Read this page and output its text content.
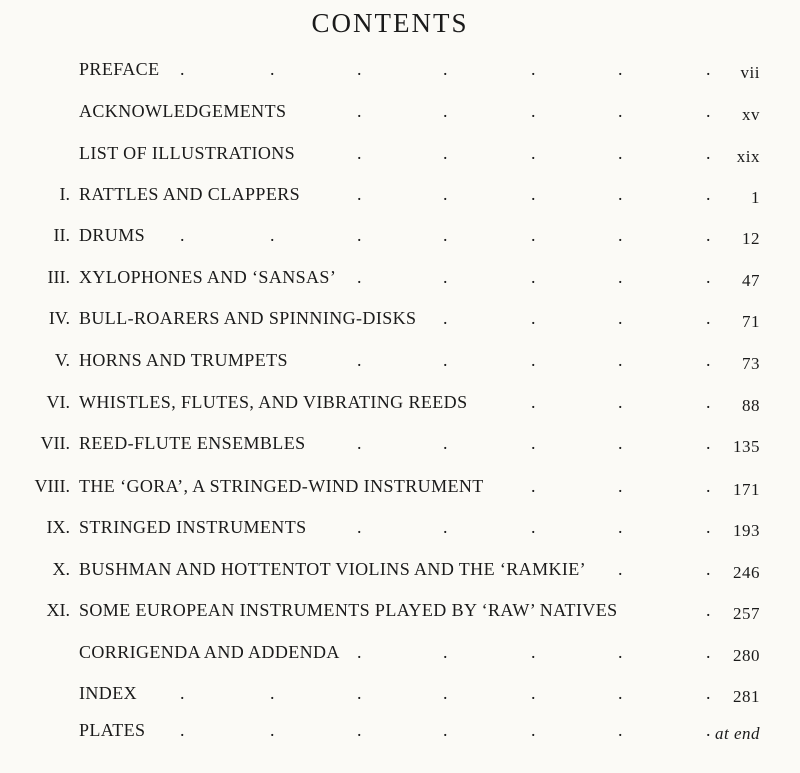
CONTENTS
PREFACE .	.	.	.	.	.	. vii
ACKNOWLEDGEMENTS	.	.	.	.	. xv
LIST OF ILLUSTRATIONS	.	.	.	.	. xix
I. RATTLES AND CLAPPERS	.	.	.	.	. 1
II. DRUMS .	.	.	.	.	.	. 12
III. XYLOPHONES AND ‘SANSAS’ .	.	.	.	. 47
IV. BULL-ROARERS AND SPINNING-DISKS .	.	.	. 71
V. HORNS AND TRUMPETS	.	.	.	.	. 73
VI. WHISTLES, FLUTES, AND VIBRATING REEDS	.	.	. 88
VII. REED-FLUTE ENSEMBLES	.	.	.	.	. 135
VIII. THE ‘GORA’, A STRINGED-WIND INSTRUMENT	.	.	. 171
IX. STRINGED INSTRUMENTS	.	.	.	.	. 193
X. BUSHMAN AND HOTTENTOT VIOLINS AND THE ‘RAMKIE’ .	. 246
XI. SOME EUROPEAN INSTRUMENTS PLAYED BY ‘RAW’ NATIVES	. 257
CORRIGENDA AND ADDENDA .	.	.	.	. 280
INDEX .	.	.	.	.	.	. 281
PLATES .	.	.	.	.	.	. at end
